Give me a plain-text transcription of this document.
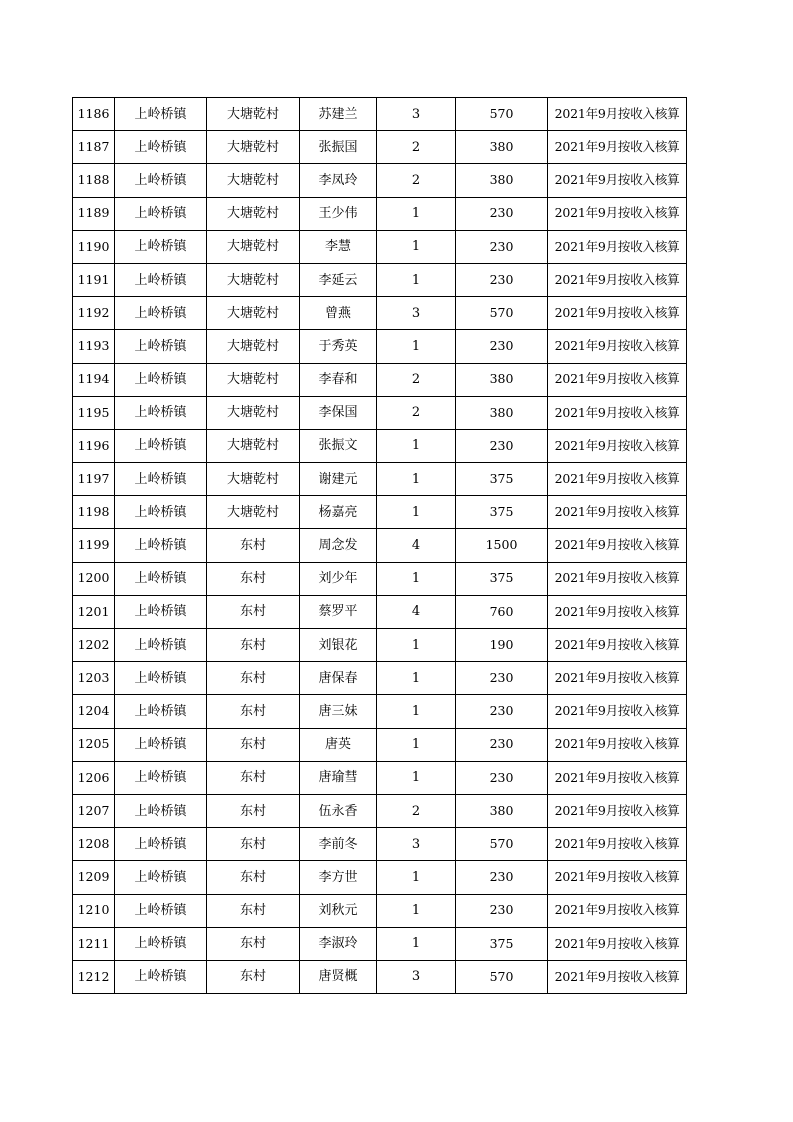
1186	上岭桥镇	大塘乾村	苏建兰	3	570	2021年9月按收入核算
1187	上岭桥镇	大塘乾村	张振国	2	380	2021年9月按收入核算
1188	上岭桥镇	大塘乾村	李凤玲	2	380	2021年9月按收入核算
1189	上岭桥镇	大塘乾村	王少伟	1	230	2021年9月按收入核算
1190	上岭桥镇	大塘乾村	李慧	1	230	2021年9月按收入核算
1191	上岭桥镇	大塘乾村	李延云	1	230	2021年9月按收入核算
1192	上岭桥镇	大塘乾村	曾燕	3	570	2021年9月按收入核算
1193	上岭桥镇	大塘乾村	于秀英	1	230	2021年9月按收入核算
1194	上岭桥镇	大塘乾村	李春和	2	380	2021年9月按收入核算
1195	上岭桥镇	大塘乾村	李保国	2	380	2021年9月按收入核算
1196	上岭桥镇	大塘乾村	张振文	1	230	2021年9月按收入核算
1197	上岭桥镇	大塘乾村	谢建元	1	375	2021年9月按收入核算
1198	上岭桥镇	大塘乾村	杨嘉亮	1	375	2021年9月按收入核算
1199	上岭桥镇	东村	周念发	4	1500	2021年9月按收入核算
1200	上岭桥镇	东村	刘少年	1	375	2021年9月按收入核算
1201	上岭桥镇	东村	蔡罗平	4	760	2021年9月按收入核算
1202	上岭桥镇	东村	刘银花	1	190	2021年9月按收入核算
1203	上岭桥镇	东村	唐保春	1	230	2021年9月按收入核算
1204	上岭桥镇	东村	唐三妹	1	230	2021年9月按收入核算
1205	上岭桥镇	东村	唐英	1	230	2021年9月按收入核算
1206	上岭桥镇	东村	唐瑜彗	1	230	2021年9月按收入核算
1207	上岭桥镇	东村	伍永香	2	380	2021年9月按收入核算
1208	上岭桥镇	东村	李前冬	3	570	2021年9月按收入核算
1209	上岭桥镇	东村	李方世	1	230	2021年9月按收入核算
1210	上岭桥镇	东村	刘秋元	1	230	2021年9月按收入核算
1211	上岭桥镇	东村	李淑玲	1	375	2021年9月按收入核算
1212	上岭桥镇	东村	唐贤概	3	570	2021年9月按收入核算
